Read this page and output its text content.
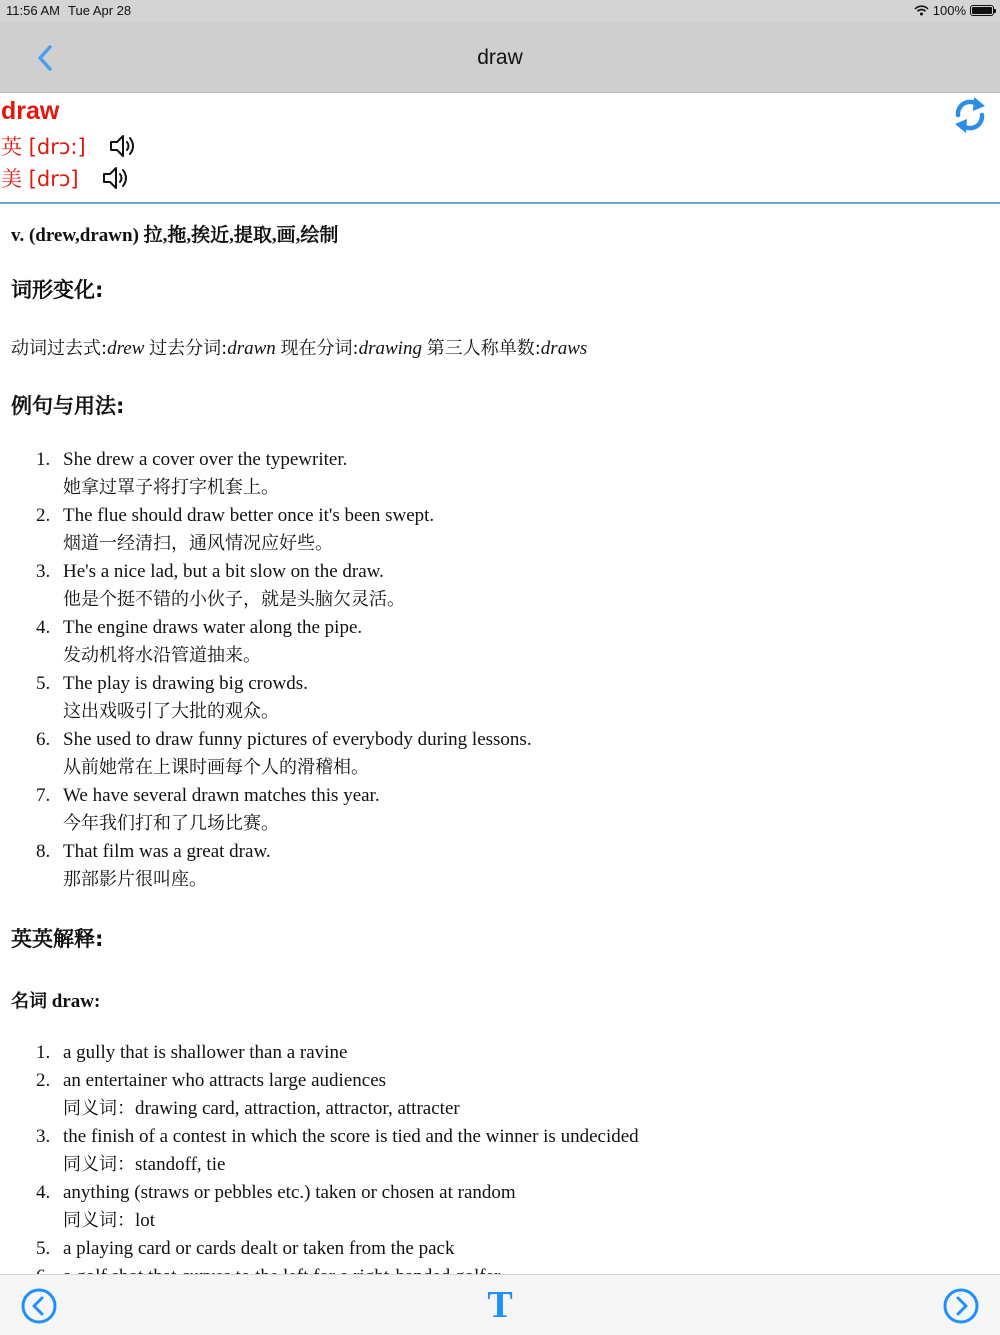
11:56 AM Tue Apr 28	100%
draw
draw
英 [drɔ:]
美 [drɔ]
v. (drew,drawn) 拉,拖,挨近,提取,画,绘制
词形变化:
动词过去式:drew 过去分词:drawn 现在分词:drawing 第三人称单数:draws
例句与用法:
1. She drew a cover over the typewriter.
她拿过罩子将打字机套上。
2. The flue should draw better once it's been swept.
烟道一经清扫，通风情况应好些。
3. He's a nice lad, but a bit slow on the draw.
他是个挺不错的小伙子，就是头脑欠灵活。
4. The engine draws water along the pipe.
发动机将水沿管道抽来。
5. The play is drawing big crowds.
这出戏吸引了大批的观众。
6. She used to draw funny pictures of everybody during lessons.
从前她常在上课时画每个人的滑稽相。
7. We have several drawn matches this year.
今年我们打和了几场比赛。
8. That film was a great draw.
那部影片很叫座。
英英解释:
名词 draw:
1. a gully that is shallower than a ravine
2. an entertainer who attracts large audiences
同义词：drawing card, attraction, attractor, attracter
3. the finish of a contest in which the score is tied and the winner is undecided
同义词：standoff, tie
4. anything (straws or pebbles etc.) taken or chosen at random
同义词：lot
5. a playing card or cards dealt or taken from the pack
T
